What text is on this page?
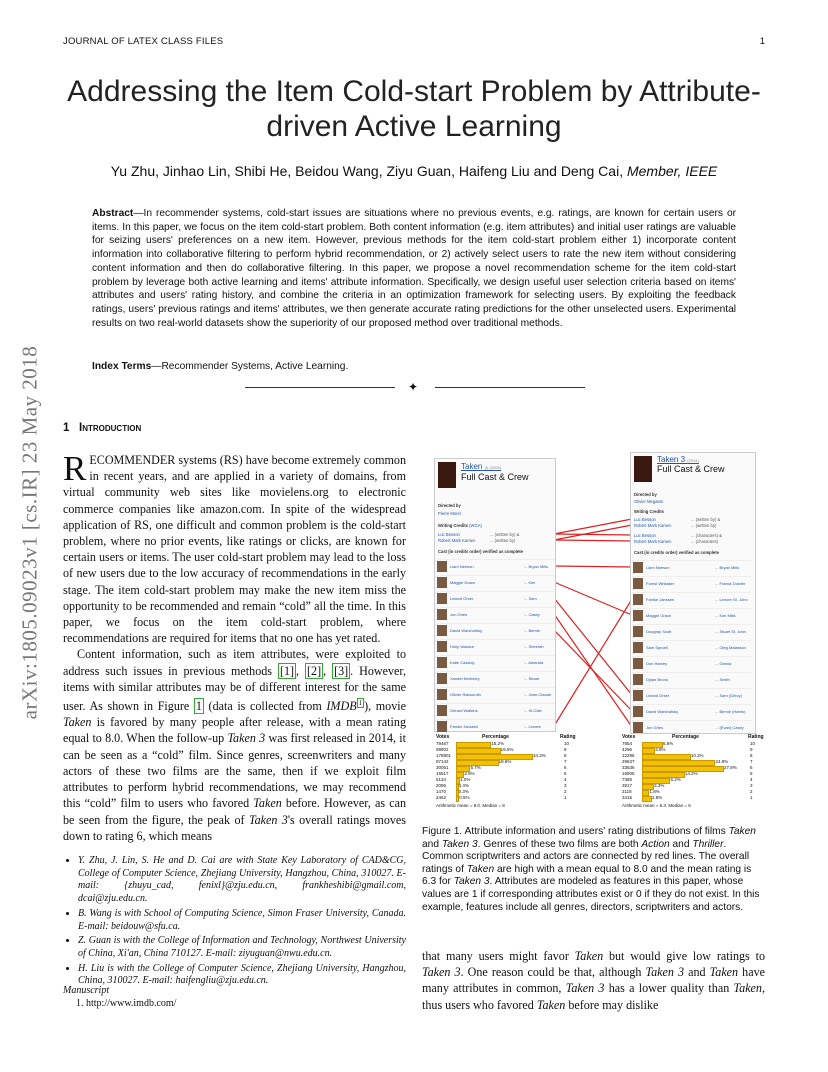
JOURNAL OF LATEX CLASS FILES	1
Addressing the Item Cold-start Problem by Attribute-driven Active Learning
Yu Zhu, Jinhao Lin, Shibi He, Beidou Wang, Ziyu Guan, Haifeng Liu and Deng Cai, Member, IEEE
Abstract—In recommender systems, cold-start issues are situations where no previous events, e.g. ratings, are known for certain users or items. In this paper, we focus on the item cold-start problem. Both content information (e.g. item attributes) and initial user ratings are valuable for seizing users' preferences on a new item. However, previous methods for the item cold-start problem either 1) incorporate content information into collaborative filtering to perform hybrid recommendation, or 2) actively select users to rate the new item without considering content information and then do collaborative filtering. In this paper, we propose a novel recommendation scheme for the item cold-start problem by leverage both active learning and items' attribute information. Specifically, we design useful user selection criteria based on items' attributes and users' rating history, and combine the criteria in an optimization framework for selecting users. By exploiting the feedback ratings, users' previous ratings and items' attributes, we then generate accurate rating predictions for the other unselected users. Experimental results on two real-world datasets show the superiority of our proposed method over traditional methods.
Index Terms—Recommender Systems, Active Learning.
✦
arXiv:1805.09023v1 [cs.IR] 23 May 2018 1 Introduction
RECOMMENDER systems (RS) have become extremely common in recent years, and are applied in a variety of domains, from virtual community web sites like movielens.org to electronic commerce companies like amazon.com. In spite of the widespread application of RS, one difficult and common problem is the cold-start problem, where no prior events, like ratings or clicks, are known for certain users or items. The user cold-start problem may lead to the loss of new users due to the low accuracy of recommendations in the early stage. The item cold-start problem may make the new item miss the opportunity to be recommended and remain “cold” all the time. In this paper, we focus on the item cold-start problem, where recommendations are required for items that no one has yet rated.
Content information, such as item attributes, were exploited to address such issues in previous methods [1] , [2] , [3] . However, items with similar attributes may be of different interest for the same user. As shown in Figure 1 (data is collected from IMDB $^1$ ), movie Taken is favored by many people after release, with a mean rating equal to 8.0. When the follow-up Taken 3 was first released in 2014, it can be seen as a “cold” film. Since genres, screenwriters and many actors of these two films are the same, then if we exploit film attributes to perform hybrid recommendations, we may recommend this “cold” film to users who favored Taken before. However, as can be seen from the figure, the peak of Taken 3's overall ratings moves down to rating 6, which means
• Y. Zhu, J. Lin, S. He and D. Cai are with State Key Laboratory of CAD&CG, College of Computer Science, Zhejiang University, Hangzhou, China, 310027. E-mail: {zhuyu_cad, fenixl}@zju.edu.cn, frankheshibi@gmail.com, dcai@zju.edu.cn.
• B. Wang is with School of Computing Science, Simon Fraser University, Canada. E-mail: beidouw@sfu.ca.
• Z. Guan is with the College of Information and Technology, Northwest University of China, Xi'an, China 710127. E-mail: ziyuguan@nwu.edu.cn.
• H. Liu is with the College of Computer Science, Zhejiang University, Hangzhou, China, 310027. E-mail: haifengliu@zju.edu.cn.
Manuscript
1. http://www.imdb.com/
Taken (I) (2008)
Full Cast & Crew
Directed by
Pierre Morel
Writing Credits (WGA)
Luc Besson	... (written by) &
Robert Mark Kamen	... (written by)
Cast (in credits order) verified as complete
Liam Neeson	... Bryan Mills
Maggie Grace	... Kim
Leland Orser	... Sam
Jon Gries	... Casey
David Warshofsky	... Bernie
Holly Valance	... Sheerah
Katie Cassidy	... Amanda
Xander Berkeley	... Stuart
Olivier Rabourdin	... Jean-Claude
Gérard Watkins	... St-Clair
Famke Janssen	... Lenore
Taken 3 (2014)
Full Cast & Crew
Directed by
Olivier Megaton
Writing Credits
Luc Besson	... (written by) &
Robert Mark Kamen	... (written by)
Luc Besson	... (characters) &
Robert Mark Kamen	... (characters)
Cast (in credits order) verified as complete
Liam Neeson	... Bryan Mills
Forest Whitaker	... Franck Dotzler
Famke Janssen	... Lenore St. John
Maggie Grace	... Kim Mills
Dougray Scott	... Stuart St. John
Sam Spruell	... Oleg Malankov
Don Harvey	... Garcia
Dylan Bruno	... Smith
Leland Orser	... Sam (Gilroy)
David Warshofsky	... Bernie (Harris)
Jon Gries	... (Evan) Casey
Votes	Percentage	Rating
79467	15.2%	10
99902	19.5%	9
178801	34.3%	8
97142	18.6%	7
30051	5.7%	6
15517	2.9%	5
5134	1.0%	4
2096	0.4%	3
1470	0.3%	2
2462	0.5%	1
Arithmetic mean = 8.0. Median = 8
Votes	Percentage	Rating
7854	6.6%	10
4296	3.8%	9
12296	10.3%	8
29637	24.8%	7
33636	27.8%	6
16905	14.2%	5
7385	6.2%	4
3917	3.3%	3
2118	1.8%	2
3415	2.8%	1
Arithmetic mean = 6.3. Median = 6
Figure 1. Attribute information and users' rating distributions of films Taken and Taken 3. Genres of these two films are both Action and Thriller. Common scriptwriters and actors are connected by red lines. The overall ratings of Taken are high with a mean equal to 8.0 and the mean rating is 6.3 for Taken 3. Attributes are modeled as features in this paper, whose values are 1 if corresponding attributes exist or 0 if they do not exist. In this example, features include all genres, directors, scriptwriters and actors.
that many users might favor Taken but would give low ratings to Taken 3. One reason could be that, although Taken 3 and Taken have many attributes in common, Taken 3 has a lower quality than Taken, thus users who favored Taken before may dislike
